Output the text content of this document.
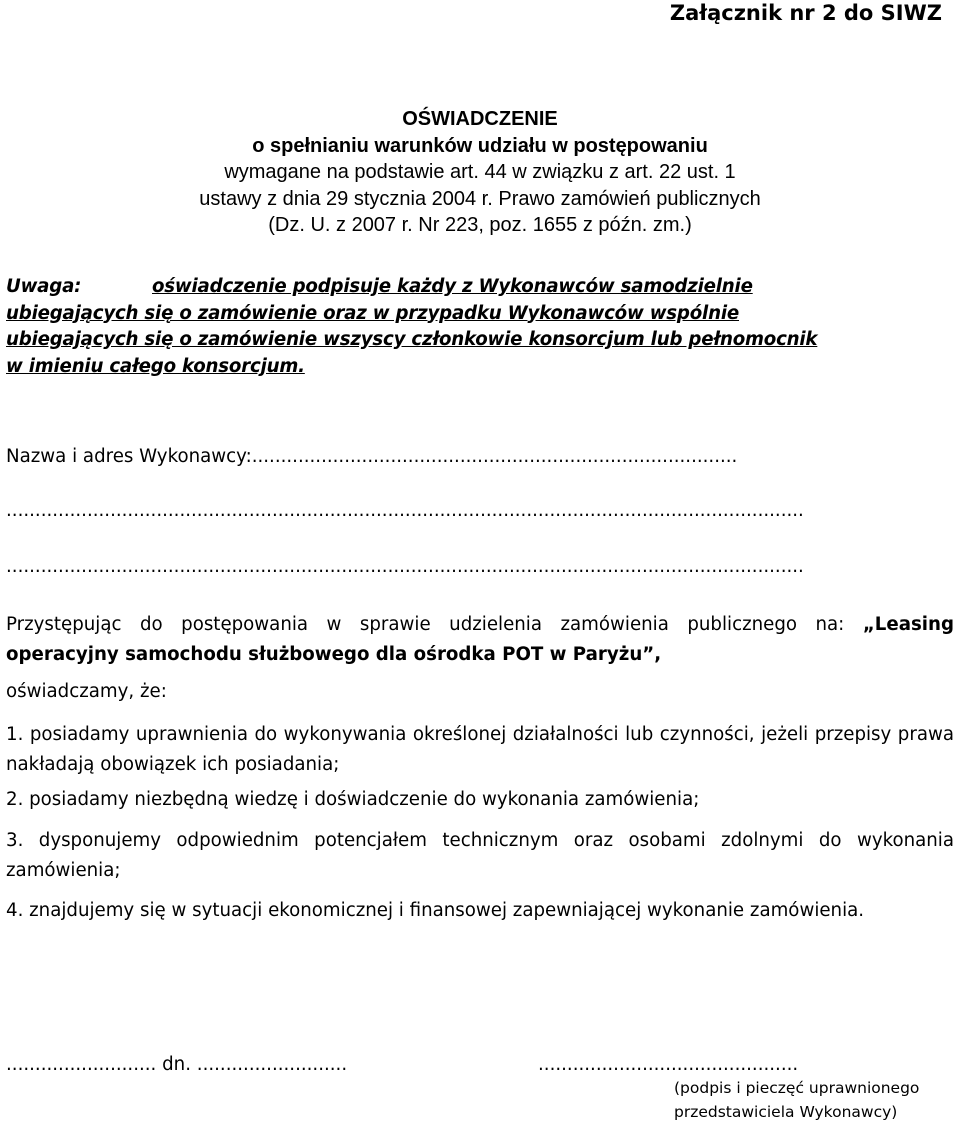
Załącznik nr 2 do SIWZ
OŚWIADCZENIE
o spełnianiu warunków udziału w postępowaniu
wymagane na podstawie art. 44 w związku z art. 22 ust. 1
ustawy z dnia 29 stycznia 2004 r. Prawo zamówień publicznych
(Dz. U. z 2007 r. Nr 223, poz. 1655 z późn. zm.)
Uwaga:	oświadczenie podpisuje każdy z Wykonawców samodzielnie
ubiegających się o zamówienie oraz w przypadku Wykonawców wspólnie
ubiegających się o zamówienie wszyscy członkowie konsorcjum lub pełnomocnik
w imieniu całego konsorcjum.
Nazwa i adres Wykonawcy:....................................................................................
..........................................................................................................................................
..........................................................................................................................................
Przystępując do postępowania w sprawie udzielenia zamówienia publicznego na: „Leasing operacyjny samochodu służbowego dla ośrodka POT w Paryżu”,
oświadczamy, że:
1. posiadamy uprawnienia do wykonywania określonej działalności lub czynności, jeżeli przepisy prawa nakładają obowiązek ich posiadania;
2. posiadamy niezbędną wiedzę i doświadczenie do wykonania zamówienia;
3. dysponujemy odpowiednim potencjałem technicznym oraz osobami zdolnymi do wykonania zamówienia;
4. znajdujemy się w sytuacji ekonomicznej i finansowej zapewniającej wykonanie zamówienia.
.......................... dn. ..........................	.............................................
(podpis i pieczęć uprawnionego
przedstawiciela Wykonawcy)
